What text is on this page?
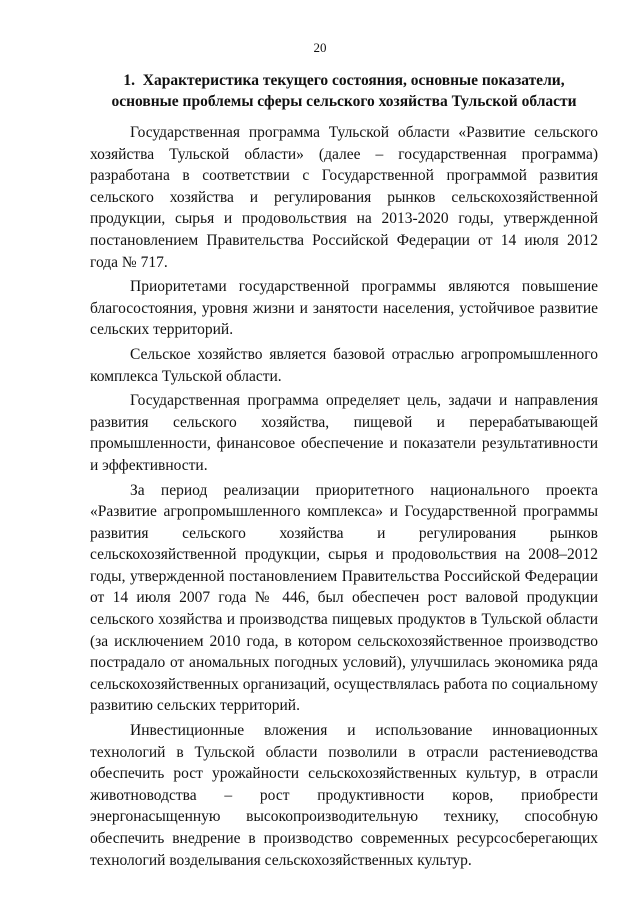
20
1.  Характеристика текущего состояния, основные показатели,
основные проблемы сферы сельского хозяйства Тульской области

Государственная программа Тульской области «Развитие сельского хозяйства Тульской области» (далее – государственная программа) разработана в соответствии с Государственной программой развития сельского хозяйства и регулирования рынков сельскохозяйственной продукции, сырья и продовольствия на 2013-2020 годы, утвержденной постановлением Правительства Российской Федерации от 14 июля 2012 года № 717.

Приоритетами государственной программы являются повышение благосостояния, уровня жизни и занятости населения, устойчивое развитие сельских территорий.

Сельское хозяйство является базовой отраслью агропромышленного комплекса Тульской области.

Государственная программа определяет цель, задачи и направления развития сельского хозяйства, пищевой и перерабатывающей промышленности, финансовое обеспечение и показатели результативности и эффективности.

За период реализации приоритетного национального проекта «Развитие агропромышленного комплекса» и Государственной программы развития сельского хозяйства и регулирования рынков сельскохозяйственной продукции, сырья и продовольствия на 2008–2012 годы, утвержденной постановлением Правительства Российской Федерации от 14 июля 2007 года № 446, был обеспечен рост валовой продукции сельского хозяйства и производства пищевых продуктов в Тульской области (за исключением 2010 года, в котором сельскохозяйственное производство пострадало от аномальных погодных условий), улучшилась экономика ряда сельскохозяйственных организаций, осуществлялась работа по социальному развитию сельских территорий.

Инвестиционные вложения и использование инновационных технологий в Тульской области позволили в отрасли растениеводства обеспечить рост урожайности сельскохозяйственных культур, в отрасли животноводства – рост продуктивности коров, приобрести энергонасыщенную высокопроизводительную технику, способную обеспечить внедрение в производство современных ресурсосберегающих технологий возделывания сельскохозяйственных культур.
